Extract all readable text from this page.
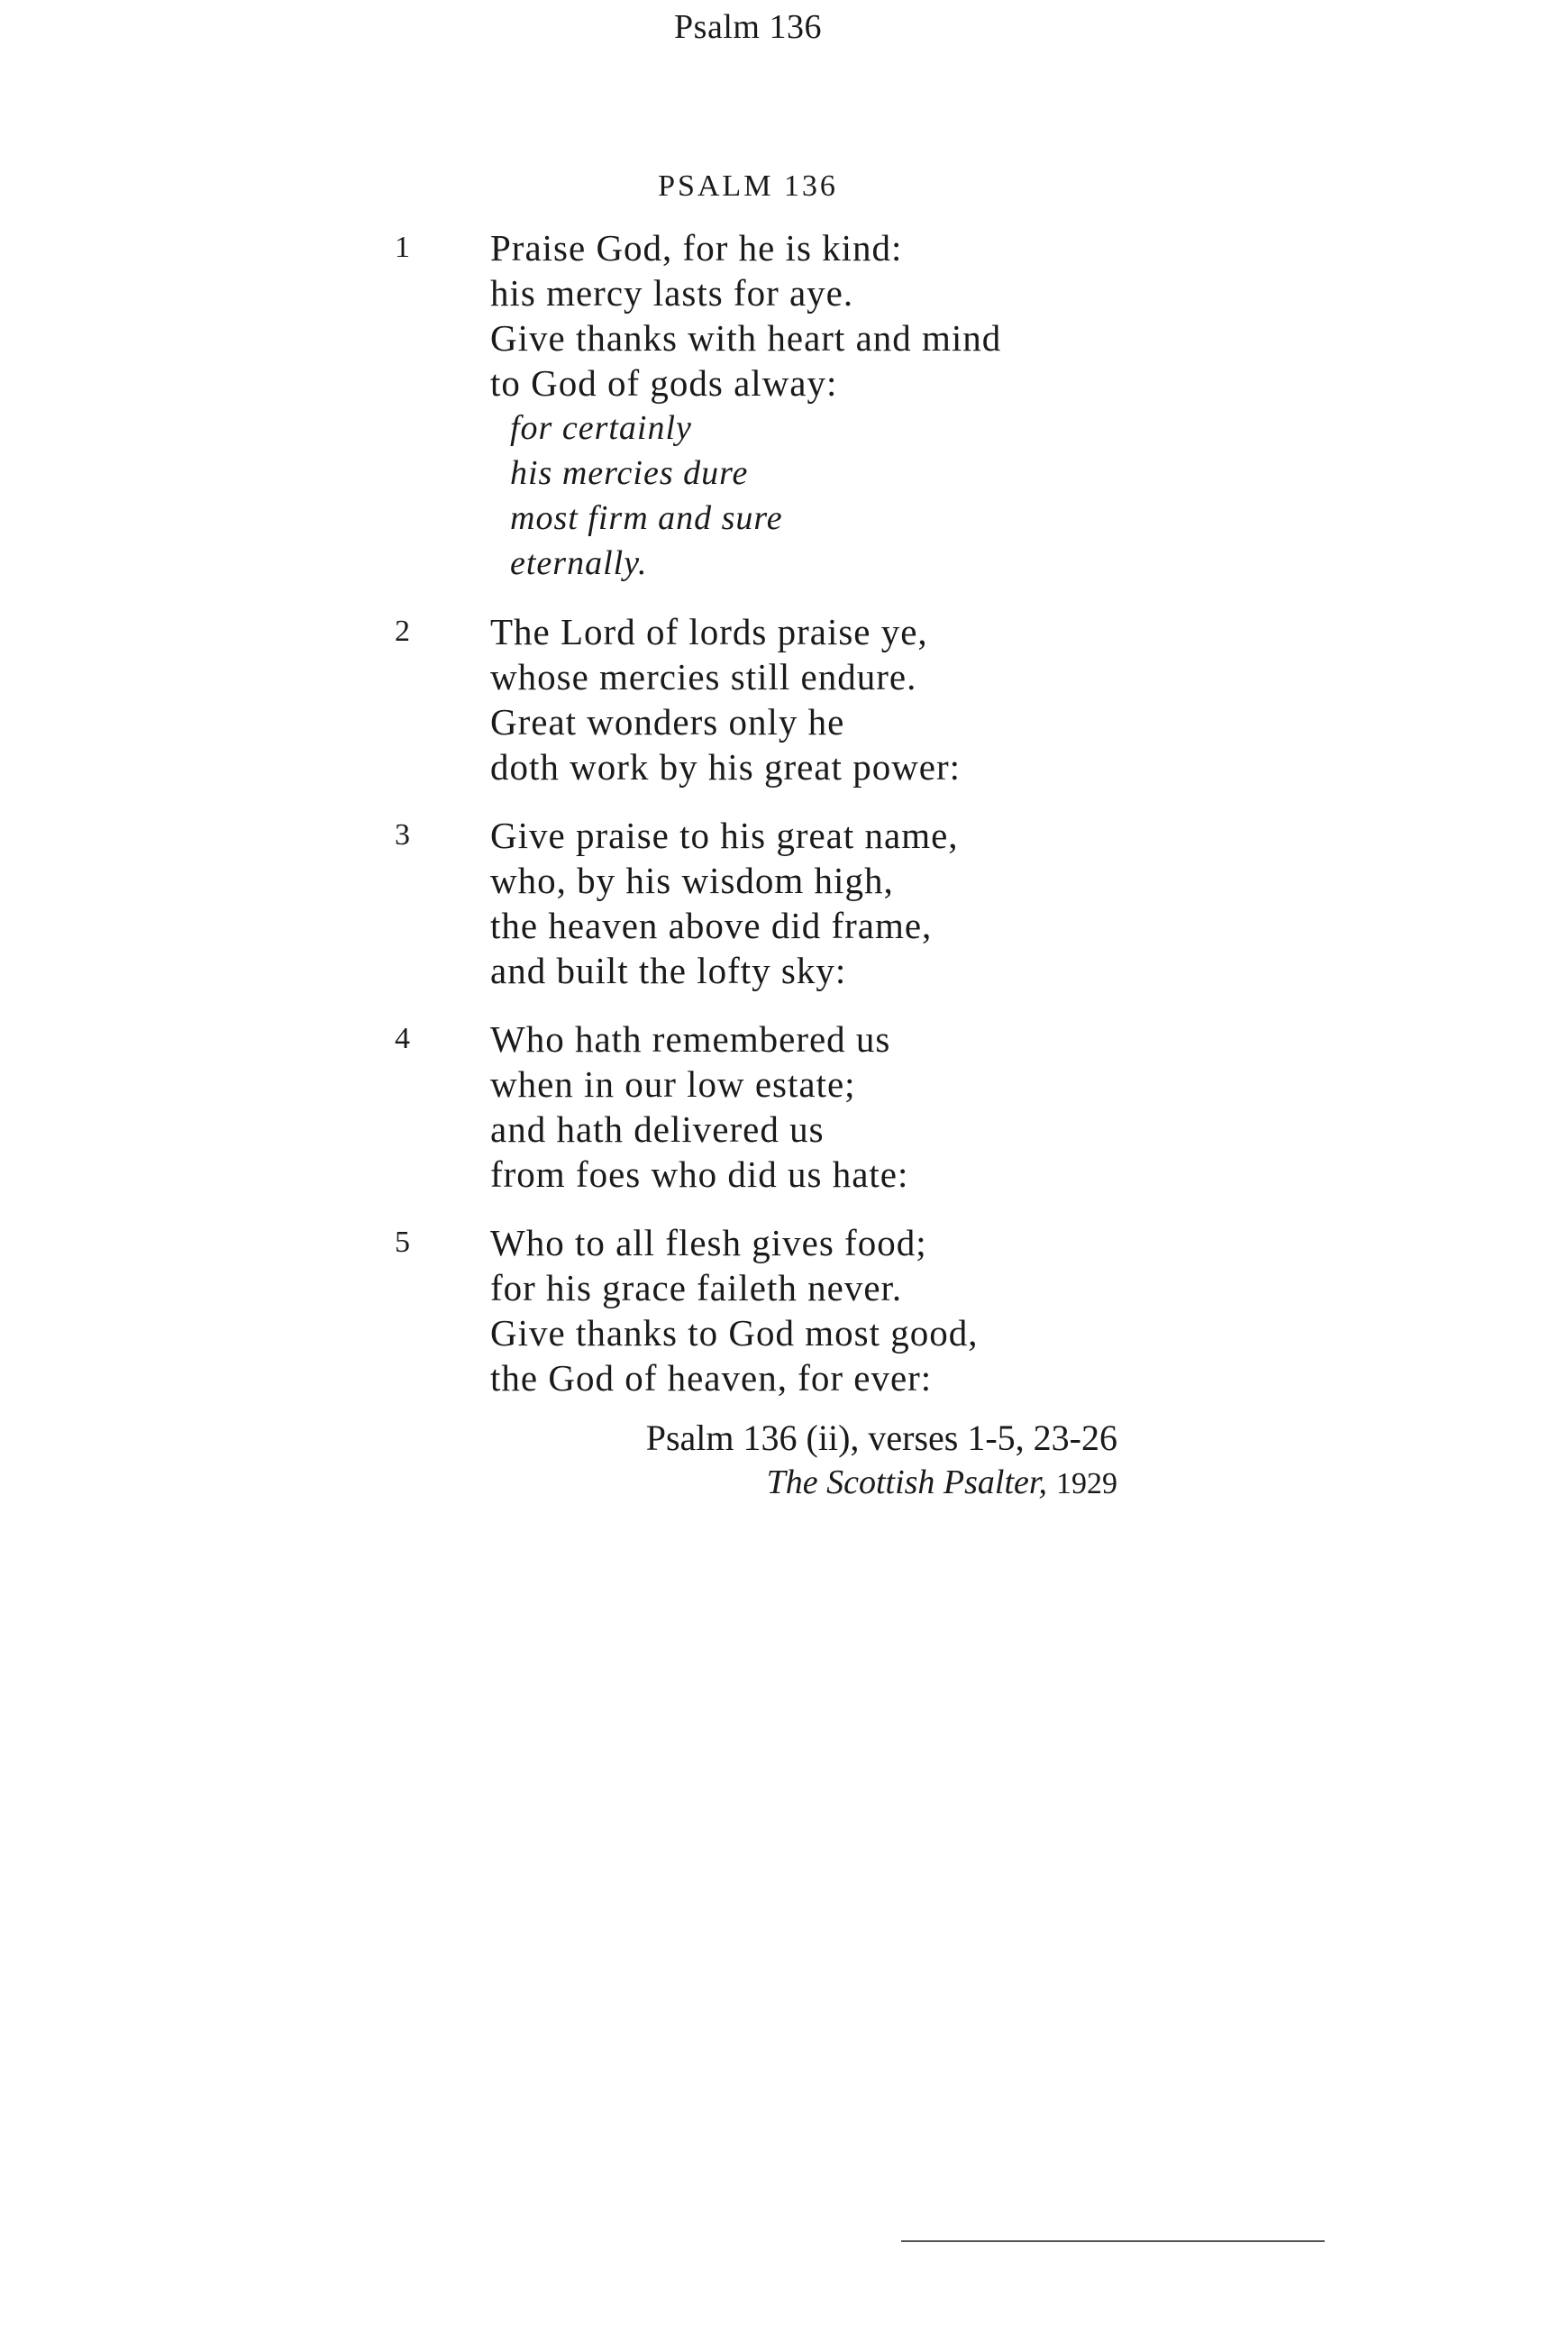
Psalm 136
PSALM 136
1	Praise God, for he is kind:
his mercy lasts for aye.
Give thanks with heart and mind
to God of gods alway:
for certainly
his mercies dure
most firm and sure
eternally.
2	The Lord of lords praise ye,
whose mercies still endure.
Great wonders only he
doth work by his great power:
3	Give praise to his great name,
who, by his wisdom high,
the heaven above did frame,
and built the lofty sky:
4	Who hath remembered us
when in our low estate;
and hath delivered us
from foes who did us hate:
5	Who to all flesh gives food;
for his grace faileth never.
Give thanks to God most good,
the God of heaven, for ever:
Psalm 136 (ii), verses 1-5, 23-26
The Scottish Psalter, 1929
